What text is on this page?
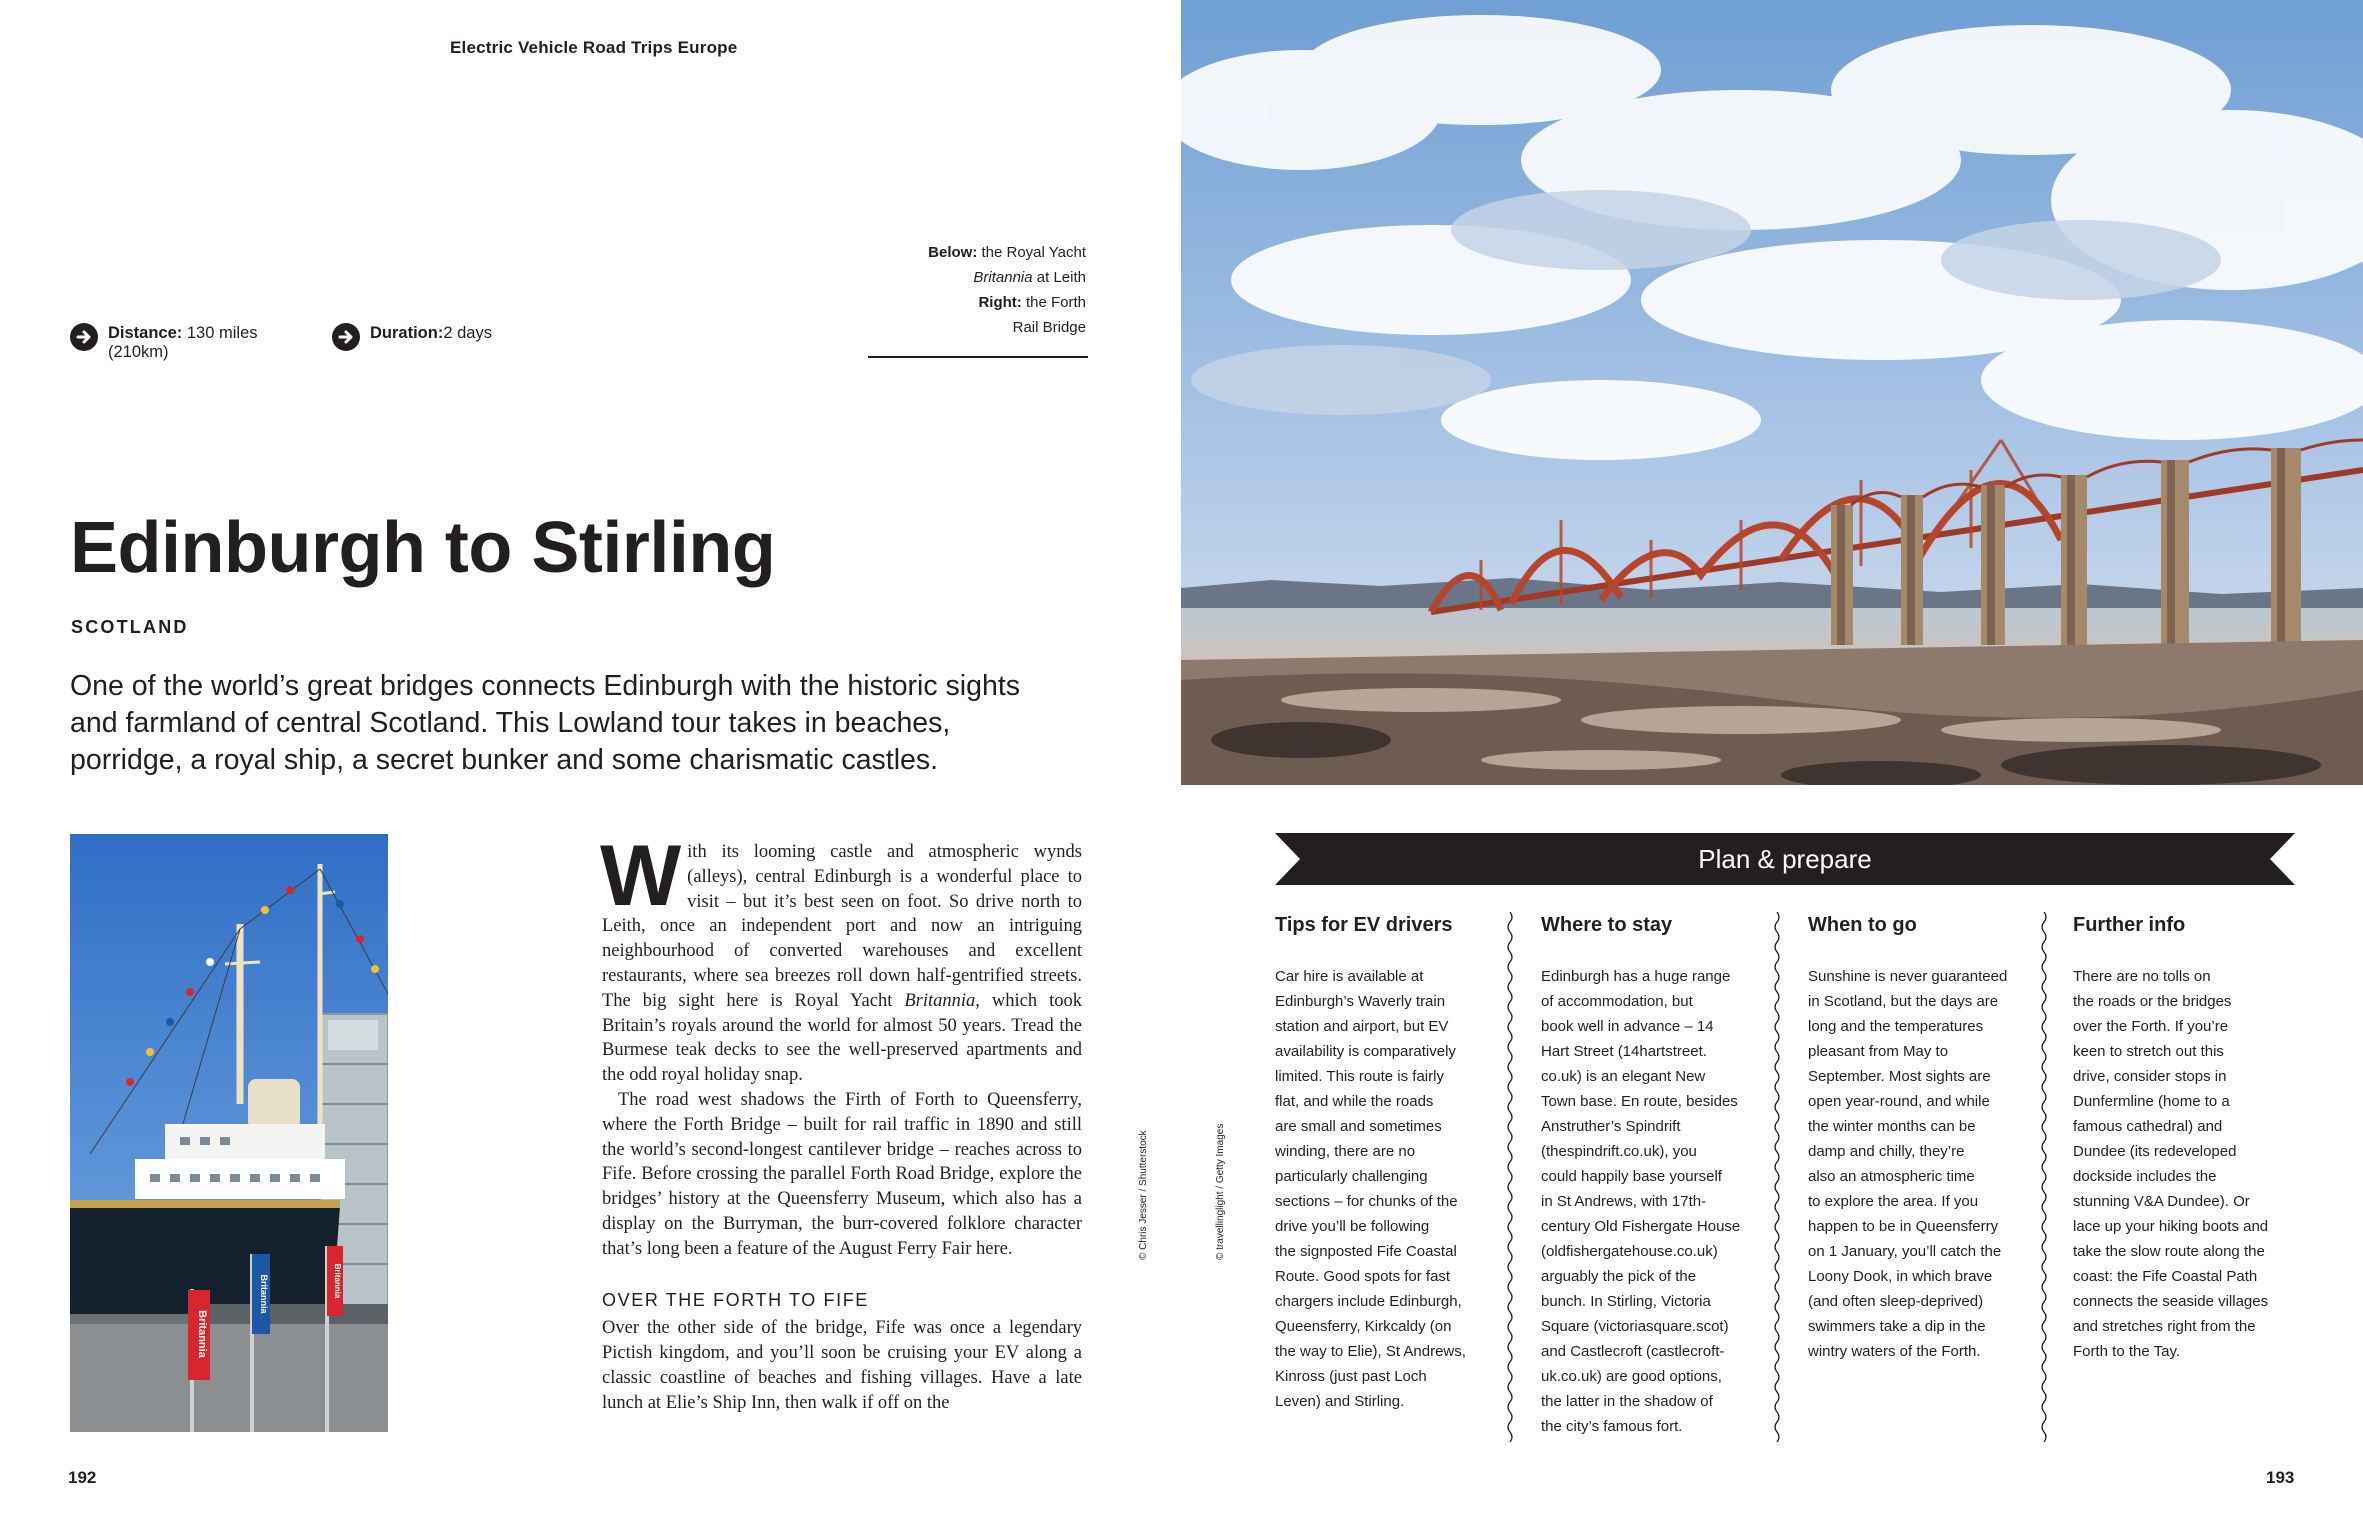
Electric Vehicle Road Trips Europe
Below: the Royal Yacht
Britannia at Leith
Right: the Forth
Rail Bridge
Distance: 130 miles
(210km)
Duration:2 days
Edinburgh to Stirling
SCOTLAND
One of the world’s great bridges connects Edinburgh with the historic sights
and farmland of central Scotland. This Lowland tour takes in beaches,
porridge, a royal ship, a secret bunker and some charismatic castles.
Britannia
Britannia	Britannia

With its looming castle and atmospheric wynds (alleys), central Edinburgh is a wonderful place to visit – but it’s best seen on foot. So drive north to Leith, once an independent port and now an intriguing neighbourhood of converted warehouses and excellent restaurants, where sea breezes roll down half-gentrified streets. The big sight here is Royal Yacht Britannia, which took Britain’s royals around the world for almost 50 years. Tread the Burmese teak decks to see the well-preserved apartments and the odd royal holiday snap.

The road west shadows the Firth of Forth to Queensferry, where the Forth Bridge – built for rail traffic in 1890 and still the world’s second-longest cantilever bridge – reaches across to Fife. Before crossing the parallel Forth Road Bridge, explore the bridges’ history at the Queensferry Museum, which also has a display on the Burryman, the burr-covered folklore character that’s long been a feature of the August Ferry Fair here.

OVER THE FORTH TO FIFE

Over the other side of the bridge, Fife was once a legendary Pictish kingdom, and you’ll soon be cruising your EV along a classic coastline of beaches and fishing villages. Have a late lunch at Elie’s Ship Inn, then walk if off on the

© Chris Jesser / Shutterstock	© travellinglight / Getty Images
192
Plan & prepare
Tips for EV drivers

Car hire is available at

Edinburgh’s Waverly train

station and airport, but EV

availability is comparatively

limited. This route is fairly

flat, and while the roads

are small and sometimes

winding, there are no

particularly challenging

sections – for chunks of the

drive you’ll be following

the signposted Fife Coastal

Route. Good spots for fast

chargers include Edinburgh,

Queensferry, Kirkcaldy (on

the way to Elie), St Andrews,

Kinross (just past Loch

Leven) and Stirling.

Where to stay

Edinburgh has a huge range

of accommodation, but

book well in advance – 14

Hart Street (14hartstreet.

co.uk) is an elegant New

Town base. En route, besides

Anstruther’s Spindrift

(thespindrift.co.uk), you

could happily base yourself

in St Andrews, with 17th-

century Old Fishergate House

(oldfishergatehouse.co.uk)

arguably the pick of the

bunch. In Stirling, Victoria

Square (victoriasquare.scot)

and Castlecroft (castlecroft-

uk.co.uk) are good options,

the latter in the shadow of

the city’s famous fort.

When to go

Sunshine is never guaranteed

in Scotland, but the days are

long and the temperatures

pleasant from May to

September. Most sights are

open year-round, and while

the winter months can be

damp and chilly, they’re

also an atmospheric time

to explore the area. If you

happen to be in Queensferry

on 1 January, you’ll catch the

Loony Dook, in which brave

(and often sleep-deprived)

swimmers take a dip in the

wintry waters of the Forth.

Further info

There are no tolls on

the roads or the bridges

over the Forth. If you’re

keen to stretch out this

drive, consider stops in

Dunfermline (home to a

famous cathedral) and

Dundee (its redeveloped

dockside includes the

stunning V&A Dundee). Or

lace up your hiking boots and

take the slow route along the

coast: the Fife Coastal Path

connects the seaside villages

and stretches right from the

Forth to the Tay.

193
